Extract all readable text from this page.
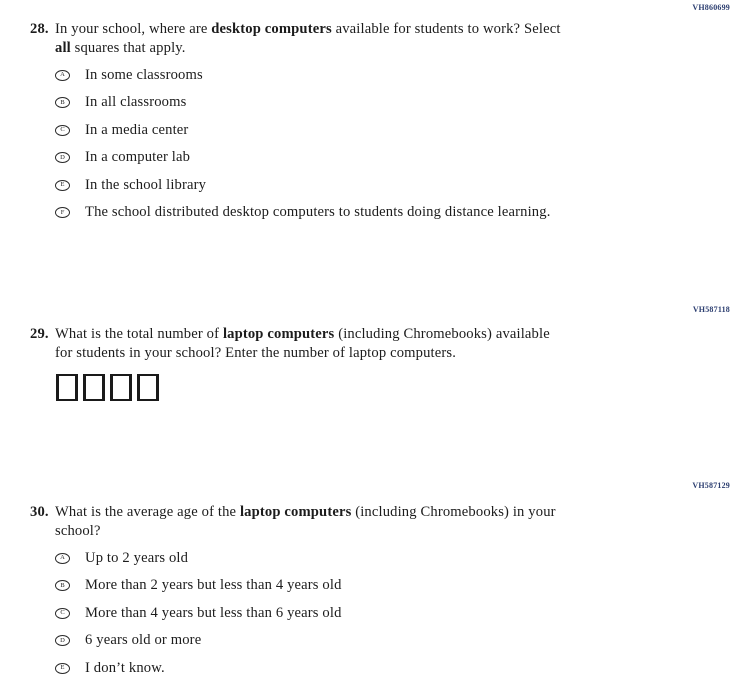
VH860699
28. In your school, where are desktop computers available for students to work? Select
all squares that apply.
A In some classrooms
B In all classrooms
C In a media center
D In a computer lab
E In the school library
F The school distributed desktop computers to students doing distance learning.
VH587118
29. What is the total number of laptop computers (including Chromebooks) available
for students in your school? Enter the number of laptop computers.
VH587129
30. What is the average age of the laptop computers (including Chromebooks) in your
school?
A Up to 2 years old
B More than 2 years but less than 4 years old
C More than 4 years but less than 6 years old
D 6 years old or more
E I don’t know.
